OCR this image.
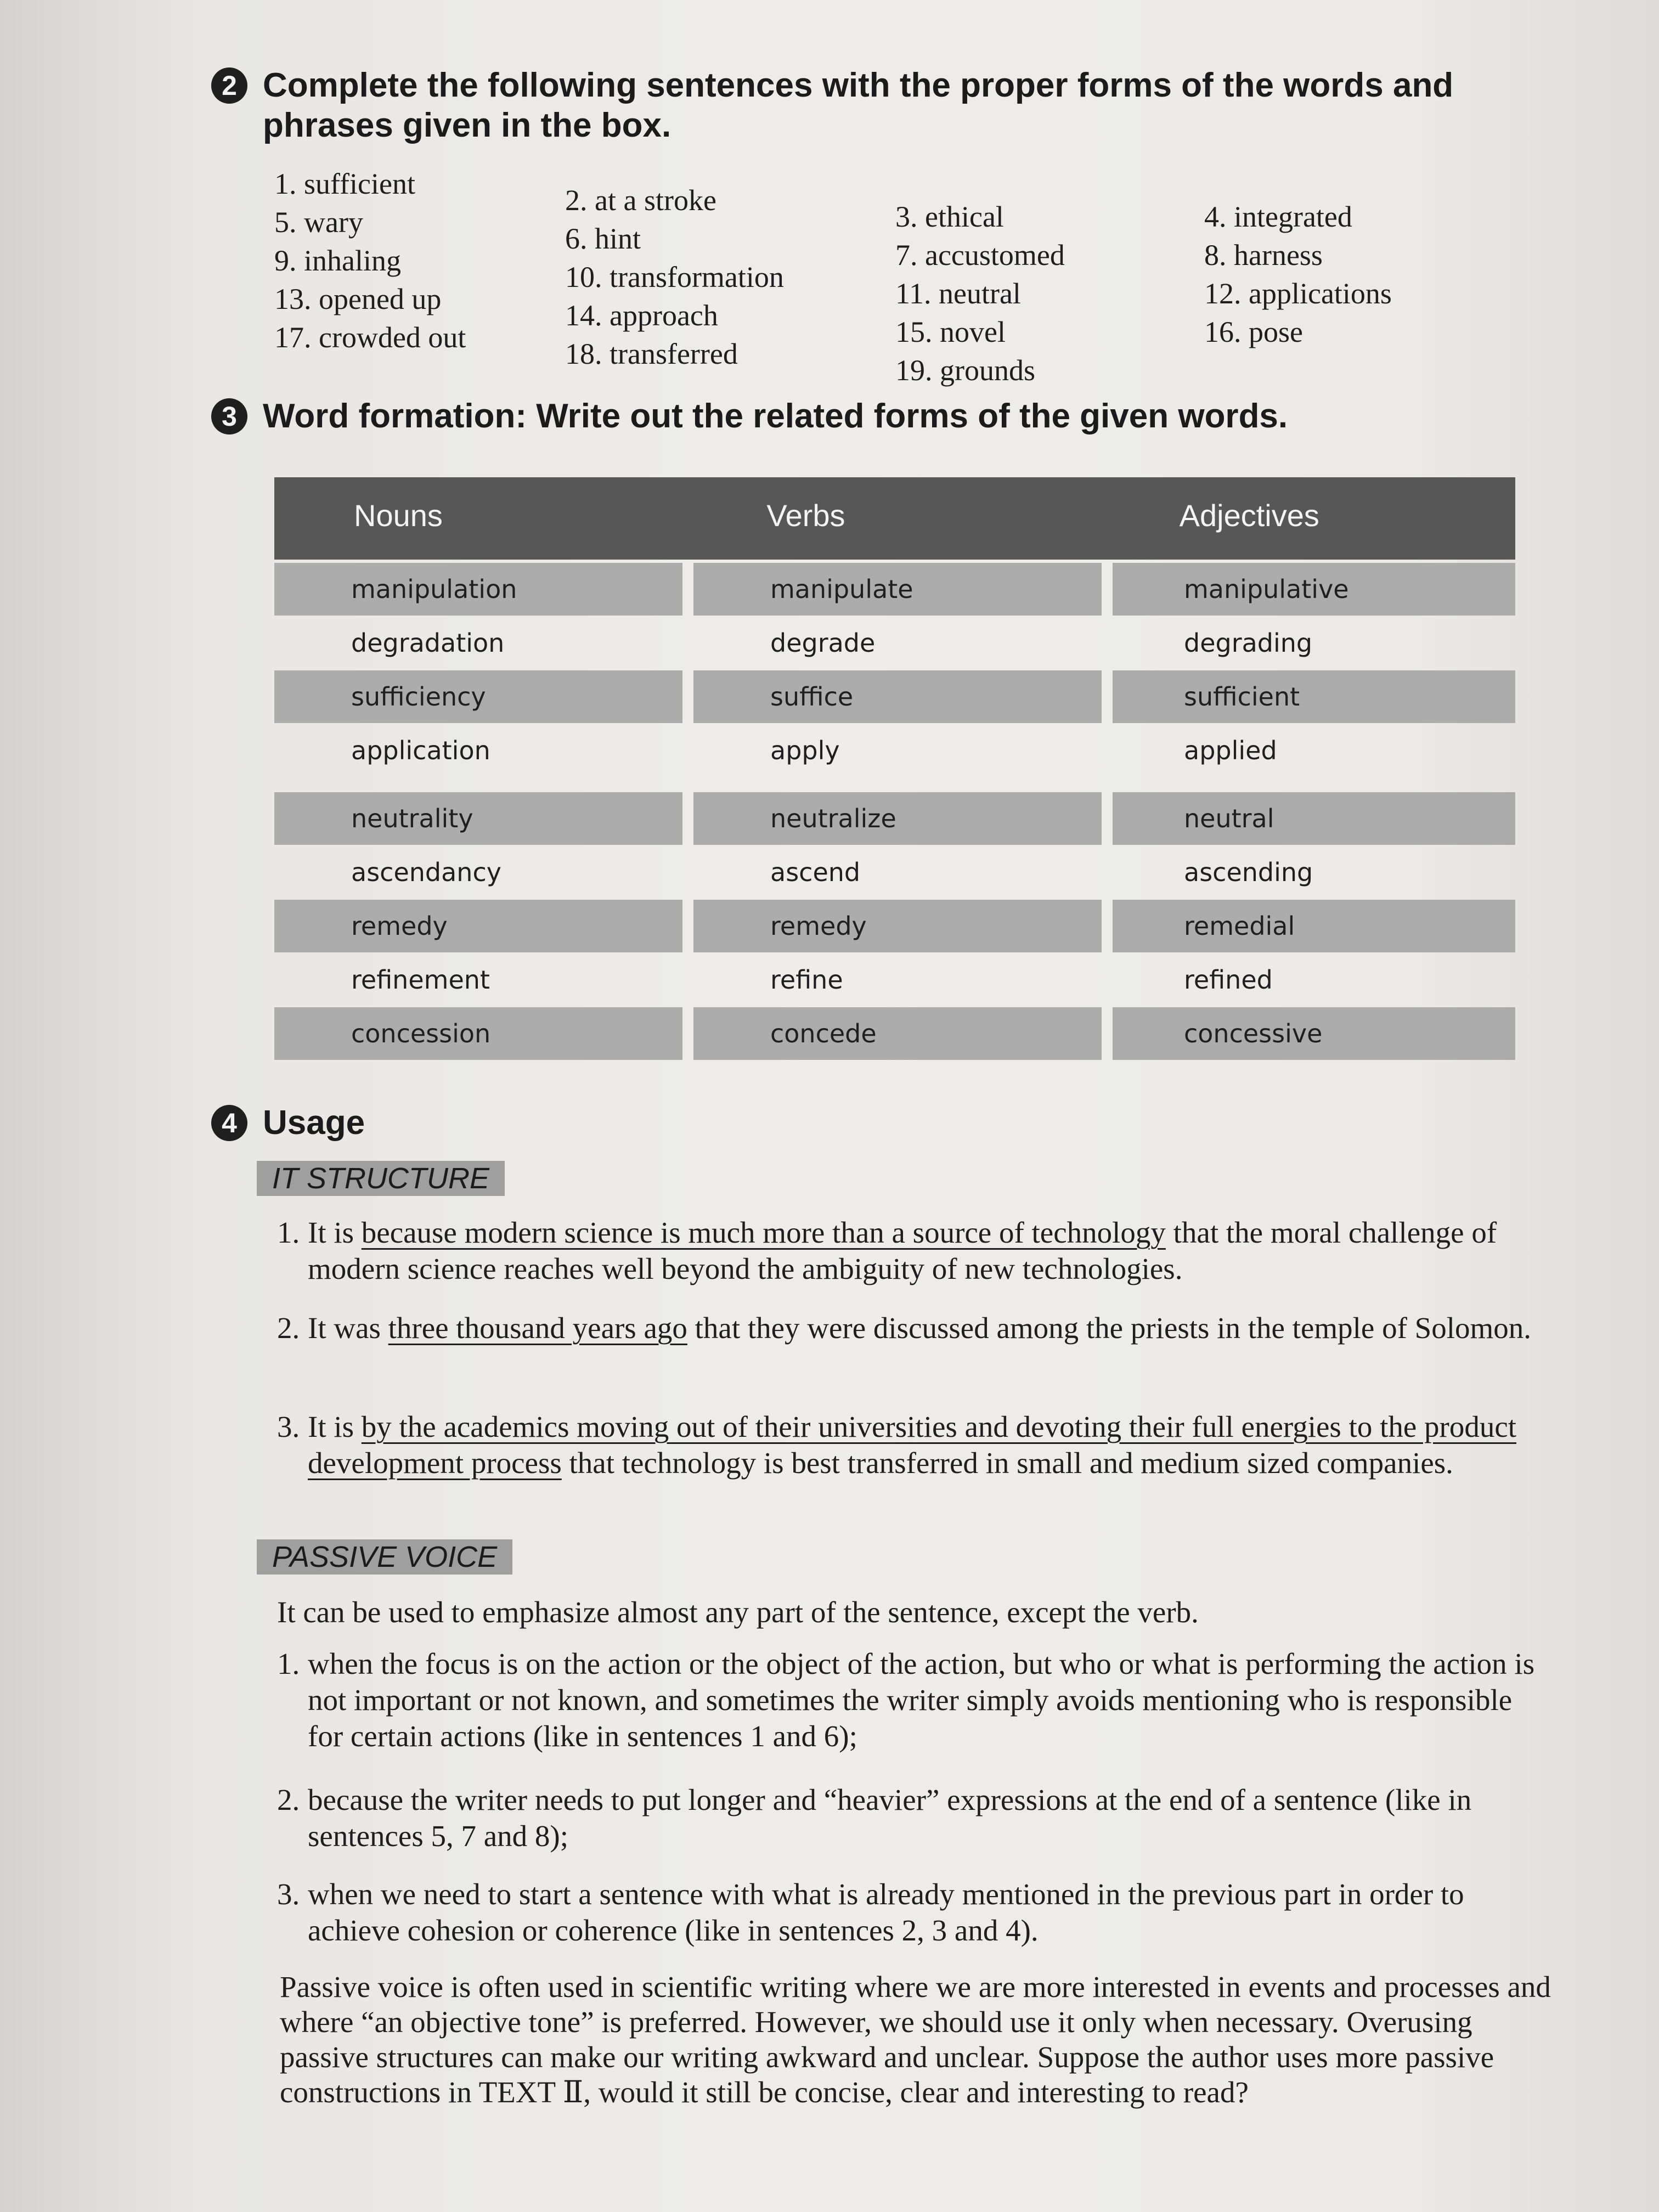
2 Complete the following sentences with the proper forms of the words and
phrases given in the box.
1. sufficient
5. wary
9. inhaling
13. opened up
17. crowded out
2. at a stroke
6. hint
10. transformation
14. approach
18. transferred
3. ethical
7. accustomed
11. neutral
15. novel
19. grounds
4. integrated
8. harness
12. applications
16. pose
3 Word formation: Write out the related forms of the given words.
Nouns	Verbs	Adjectives
manipulation	manipulate	manipulative
degradation	degrade	degrading
sufficiency	suffice	sufficient
application	apply	applied
neutrality	neutralize	neutral
ascendancy	ascend	ascending
remedy	remedy	remedial
refinement	refine	refined
concession	concede	concessive
4 Usage
IT STRUCTURE
1. It is because modern science is much more than a source of technology that the moral challenge of modern science reaches well beyond the ambiguity of new technologies.
2. It was three thousand years ago that they were discussed among the priests in the temple of Solomon.
3. It is by the academics moving out of their universities and devoting their full energies to the product development process that technology is best transferred in small and medium sized companies.
PASSIVE VOICE
It can be used to emphasize almost any part of the sentence, except the verb.
1. when the focus is on the action or the object of the action, but who or what is performing the action is not important or not known, and sometimes the writer simply avoids mentioning who is responsible for certain actions (like in sentences 1 and 6);
2. because the writer needs to put longer and “heavier” expressions at the end of a sentence (like in sentences 5, 7 and 8);
3. when we need to start a sentence with what is already mentioned in the previous part in order to achieve cohesion or coherence (like in sentences 2, 3 and 4).
Passive voice is often used in scientific writing where we are more interested in events and processes and where “an objective tone” is preferred. However, we should use it only when necessary. Overusing passive structures can make our writing awkward and unclear. Suppose the author uses more passive constructions in TEXT Ⅱ, would it still be concise, clear and interesting to read?
